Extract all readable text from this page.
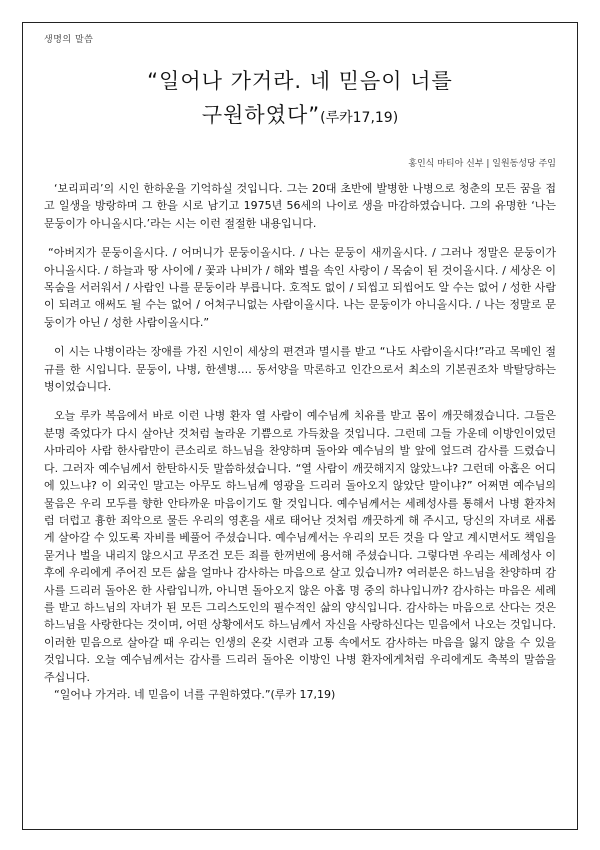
생명의 말씀
“일어나 가거라. 네 믿음이 너를
구원하였다”(루카17,19)
홍인식 마티아 신부 | 일원동성당 주임

‘보리피리’의 시인 한하운을 기억하실 것입니다. 그는 20대 초반에 발병한 나병으로 청춘의 모든 꿈을 접고 일생을 방랑하며 그 한을 시로 남기고 1975년 56세의 나이로 생을 마감하였습니다. 그의 유명한 ‘나는 문둥이가 아니올시다.’라는 시는 이런 절절한 내용입니다.

“아버지가 문둥이올시다. / 어머니가 문둥이올시다. / 나는 문둥이 새끼올시다. / 그러나 정말은 문둥이가 아니올시다. / 하늘과 땅 사이에 / 꽃과 나비가 / 해와 별을 속인 사랑이 / 목숨이 된 것이올시다. / 세상은 이 목숨을 서러워서 / 사람인 나를 문둥이라 부릅니다. 호적도 없이 / 되씹고 되씹어도 알 수는 없어 / 성한 사람이 되려고 애써도 될 수는 없어 / 어쳐구니없는 사람이올시다. 나는 문둥이가 아니올시다. / 나는 정말로 문둥이가 아닌 / 성한 사람이올시다.”

이 시는 나병이라는 장애를 가진 시인이 세상의 편견과 멸시를 받고 “나도 사람이올시다!”라고 목메인 절규를 한 시입니다. 문둥이, 나병, 한센병…. 동서양을 막론하고 인간으로서 최소의 기본권조차 박탈당하는 병이었습니다.

오늘 루카 복음에서 바로 이런 나병 환자 열 사람이 예수님께 치유를 받고 몸이 깨끗해졌습니다. 그들은 분명 죽었다가 다시 살아난 것처럼 놀라운 기쁨으로 가득찼을 것입니다. 그런데 그들 가운데 이방인이었던 사마리아 사람 한사람만이 큰소리로 하느님을 찬양하며 돌아와 예수님의 발 앞에 엎드려 감사를 드렸습니다. 그러자 예수님께서 한탄하시듯 말씀하셨습니다. “열 사람이 깨끗해지지 않았느냐? 그런데 아홉은 어디에 있느냐? 이 외국인 말고는 아무도 하느님께 영광을 드리러 돌아오지 않았단 말이냐?” 어쩌면 예수님의 물음은 우리 모두를 향한 안타까운 마음이기도 할 것입니다. 예수님께서는 세례성사를 통해서 나병 환자처럼 더럽고 흉한 죄악으로 물든 우리의 영혼을 새로 태어난 것처럼 깨끗하게 해 주시고, 당신의 자녀로 새롭게 살아갈 수 있도록 자비를 베풀어 주셨습니다. 예수님께서는 우리의 모든 것을 다 알고 계시면서도 책임을 묻거나 벌을 내리지 않으시고 무조건 모든 죄를 한꺼번에 용서해 주셨습니다. 그렇다면 우리는 세례성사 이후에 우리에게 주어진 모든 삶을 얼마나 감사하는 마음으로 살고 있습니까? 여러분은 하느님을 찬양하며 감사를 드리러 돌아온 한 사람입니까, 아니면 돌아오지 않은 아홉 명 중의 하나입니까? 감사하는 마음은 세례를 받고 하느님의 자녀가 된 모든 그리스도인의 필수적인 삶의 양식입니다. 감사하는 마음으로 산다는 것은 하느님을 사랑한다는 것이며, 어떤 상황에서도 하느님께서 자신을 사랑하신다는 믿음에서 나오는 것입니다. 이러한 믿음으로 살아갈 때 우리는 인생의 온갖 시련과 고통 속에서도 감사하는 마음을 잃지 않을 수 있을 것입니다. 오늘 예수님께서는 감사를 드리러 돌아온 이방인 나병 환자에게처럼 우리에게도 축복의 말씀을 주십니다.

“일어나 가거라. 네 믿음이 너를 구원하였다.”(루카 17,19)
